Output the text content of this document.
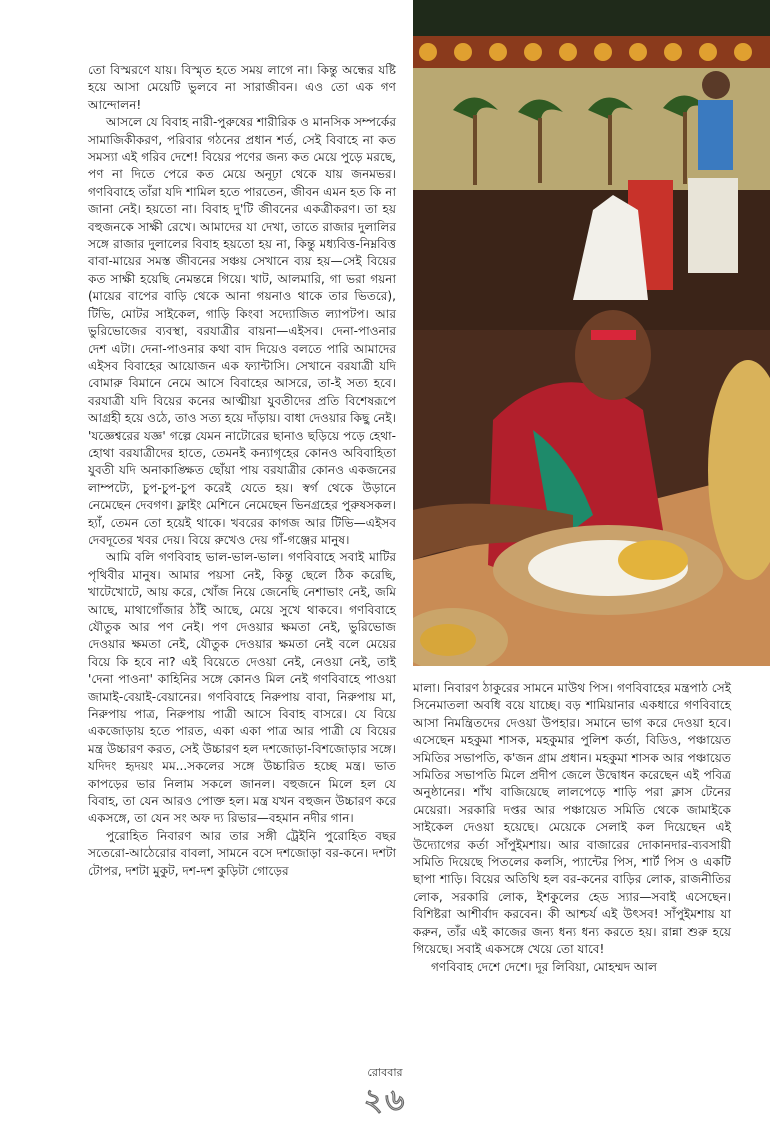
তো বিস্মরণে যায়। বিস্মৃত হতে সময় লাগে না। কিন্তু অন্ধের যষ্টি হয়ে আসা মেয়েটি ভুলবে না সারাজীবন। এও তো এক গণ আন্দোলন!

আসলে যে বিবাহ নারী-পুরুষের শারীরিক ও মানসিক সম্পর্কের সামাজিকীকরণ, পরিবার গঠনের প্রধান শর্ত, সেই বিবাহে না কত সমস্যা এই গরিব দেশে! বিয়ের পণের জন্য কত মেয়ে পুড়ে মরছে, পণ না দিতে পেরে কত মেয়ে অনূঢ়া থেকে যায় জনমভর। গণবিবাহে তাঁরা যদি শামিল হতে পারতেন, জীবন এমন হত কি না জানা নেই। হয়তো না। বিবাহ দু'টি জীবনের একত্রীকরণ। তা হয় বহুজনকে সাক্ষী রেখে। আমাদের যা দেখা, তাতে রাজার দুলালির সঙ্গে রাজার দুলালের বিবাহ হয়তো হয় না, কিন্তু মধ্যবিত্ত-নিম্নবিত্ত বাবা-মায়ের সমস্ত জীবনের সঞ্চয় সেখানে ব্যয় হয়—সেই বিয়ের কত সাক্ষী হয়েছি নেমন্তন্নে গিয়ে। খাট, আলমারি, গা ভরা গয়না (মায়ের বাপের বাড়ি থেকে আনা গয়নাও থাকে তার ভিতরে), টিভি, মোটর সাইকেল, গাড়ি কিংবা সদ্যোজিত ল্যাপটপ। আর ভুরিভোজের ব্যবস্থা, বরযাত্রীর বায়না—এইসব। দেনা-পাওনার দেশ এটা। দেনা-পাওনার কথা বাদ দিয়েও বলতে পারি আমাদের এইসব বিবাহের আয়োজন এক ফ্যান্টাসি। সেখানে বরযাত্রী যদি বোমারু বিমানে নেমে আসে বিবাহের আসরে, তা-ই সত্য হবে। বরযাত্রী যদি বিয়ের কনের আত্মীয়া যুবতীদের প্রতি বিশেষরূপে আগ্রহী হয়ে ওঠে, তাও সত্য হয়ে দাঁড়ায়। বাধা দেওয়ার কিছু নেই। 'যজ্ঞেশ্বরের যজ্ঞ' গল্পে যেমন নাটোরের ছানাও ছড়িয়ে পড়ে হেথা-হোথা বরযাত্রীদের হাতে, তেমনই কন্যাগৃহের কোনও অবিবাহিতা যুবতী যদি অনাকাঙ্ক্ষিত ছোঁয়া পায় বরযাত্রীর কোনও একজনের লাম্পট্যে, চুপ-চুপ-চুপ করেই যেতে হয়। স্বর্গ থেকে উড়ানে নেমেছেন দেবগণ। ফ্লাইং মেশিনে নেমেছেন ভিনগ্রহের পুরুষসকল। হ্যাঁ, তেমন তো হয়েই থাকে। খবরের কাগজ আর টিভি—এইসব দেবদূতের খবর দেয়। বিয়ে রুখেও দেয় গাঁ-গঞ্জের মানুষ।

আমি বলি গণবিবাহ ভাল-ভাল-ভাল। গণবিবাহে সবাই মাটির পৃথিবীর মানুষ। আমার পয়সা নেই, কিন্তু ছেলে ঠিক করেছি, খাটেখোটে, আয় করে, খোঁজ নিয়ে জেনেছি নেশাভাং নেই, জমি আছে, মাথাগোঁজার ঠাঁই আছে, মেয়ে সুখে থাকবে। গণবিবাহে যৌতুক আর পণ নেই। পণ দেওয়ার ক্ষমতা নেই, ভুরিভোজ দেওয়ার ক্ষমতা নেই, যৌতুক দেওয়ার ক্ষমতা নেই বলে মেয়ের বিয়ে কি হবে না? এই বিয়েতে দেওয়া নেই, নেওয়া নেই, তাই 'দেনা পাওনা' কাহিনির সঙ্গে কোনও মিল নেই গণবিবাহে পাওয়া জামাই-বেয়াই-বেয়ানের। গণবিবাহে নিরুপায় বাবা, নিরুপায় মা, নিরুপায় পাত্র, নিরুপায় পাত্রী আসে বিবাহ বাসরে। যে বিয়ে একজোড়ায় হতে পারত, একা একা পাত্র আর পাত্রী যে বিয়ের মন্ত্র উচ্চারণ করত, সেই উচ্চারণ হল দশজোড়া-বিশজোড়ার সঙ্গে। যদিদং হৃদয়ং মম...সকলের সঙ্গে উচ্চারিত হচ্ছে মন্ত্র। ভাত কাপড়ের ভার নিলাম সকলে জানল। বহুজনে মিলে হল যে বিবাহ, তা যেন আরও পোক্ত হল। মন্ত্র যখন বহুজন উচ্চারণ করে একসঙ্গে, তা যেন সং অফ দ্য রিভার—বহমান নদীর গান।

পুরোহিত নিবারণ আর তার সঙ্গী ট্রেইনি পুরোহিত বছর সতেরো-আঠেরোর বাবলা, সামনে বসে দশজোড়া বর-কনে। দশটা টোপর, দশটা মুকুট, দশ-দশ কুড়িটা গোড়ের

মালা। নিবারণ ঠাকুরের সামনে মাউথ পিস। গণবিবাহের মন্ত্রপাঠ সেই সিনেমাতলা অবধি বয়ে যাচ্ছে। বড় শামিয়ানার একধারে গণবিবাহে আসা নিমন্ত্রিতদের দেওয়া উপহার। সমানে ভাগ করে দেওয়া হবে। এসেছেন মহকুমা শাসক, মহকুমার পুলিশ কর্তা, বিডিও, পঞ্চায়েত সমিতির সভাপতি, ক'জন গ্রাম প্রধান। মহকুমা শাসক আর পঞ্চায়েত সমিতির সভাপতি মিলে প্রদীপ জেলে উদ্বোধন করেছেন এই পবিত্র অনুষ্ঠানের। শাঁখ বাজিয়েছে লালপেড়ে শাড়ি পরা ক্লাস টেনের মেয়েরা। সরকারি দপ্তর আর পঞ্চায়েত সমিতি থেকে জামাইকে সাইকেল দেওয়া হয়েছে। মেয়েকে সেলাই কল দিয়েছেন এই উদ্যোগের কর্তা সাঁপুইমশায়। আর বাজারের দোকানদার-ব্যবসায়ী সমিতি দিয়েছে পিতলের কলসি, প্যান্টের পিস, শার্ট পিস ও একটি ছাপা শাড়ি। বিয়ের অতিথি হল বর-কনের বাড়ির লোক, রাজনীতির লোক, সরকারি লোক, ইশকুলের হেড স্যার—সবাই এসেছেন। বিশিষ্টরা আশীর্বাদ করবেন। কী আশ্চর্য এই উৎসব! সাঁপুইমশায় যা করুন, তাঁর এই কাজের জন্য ধন্য ধন্য করতে হয়। রান্না শুরু হয়ে গিয়েছে। সবাই একসঙ্গে খেয়ে তো যাবে!

গণবিবাহ দেশে দেশে। দূর লিবিয়া, মোহম্মদ আল

রোববার
২৬
